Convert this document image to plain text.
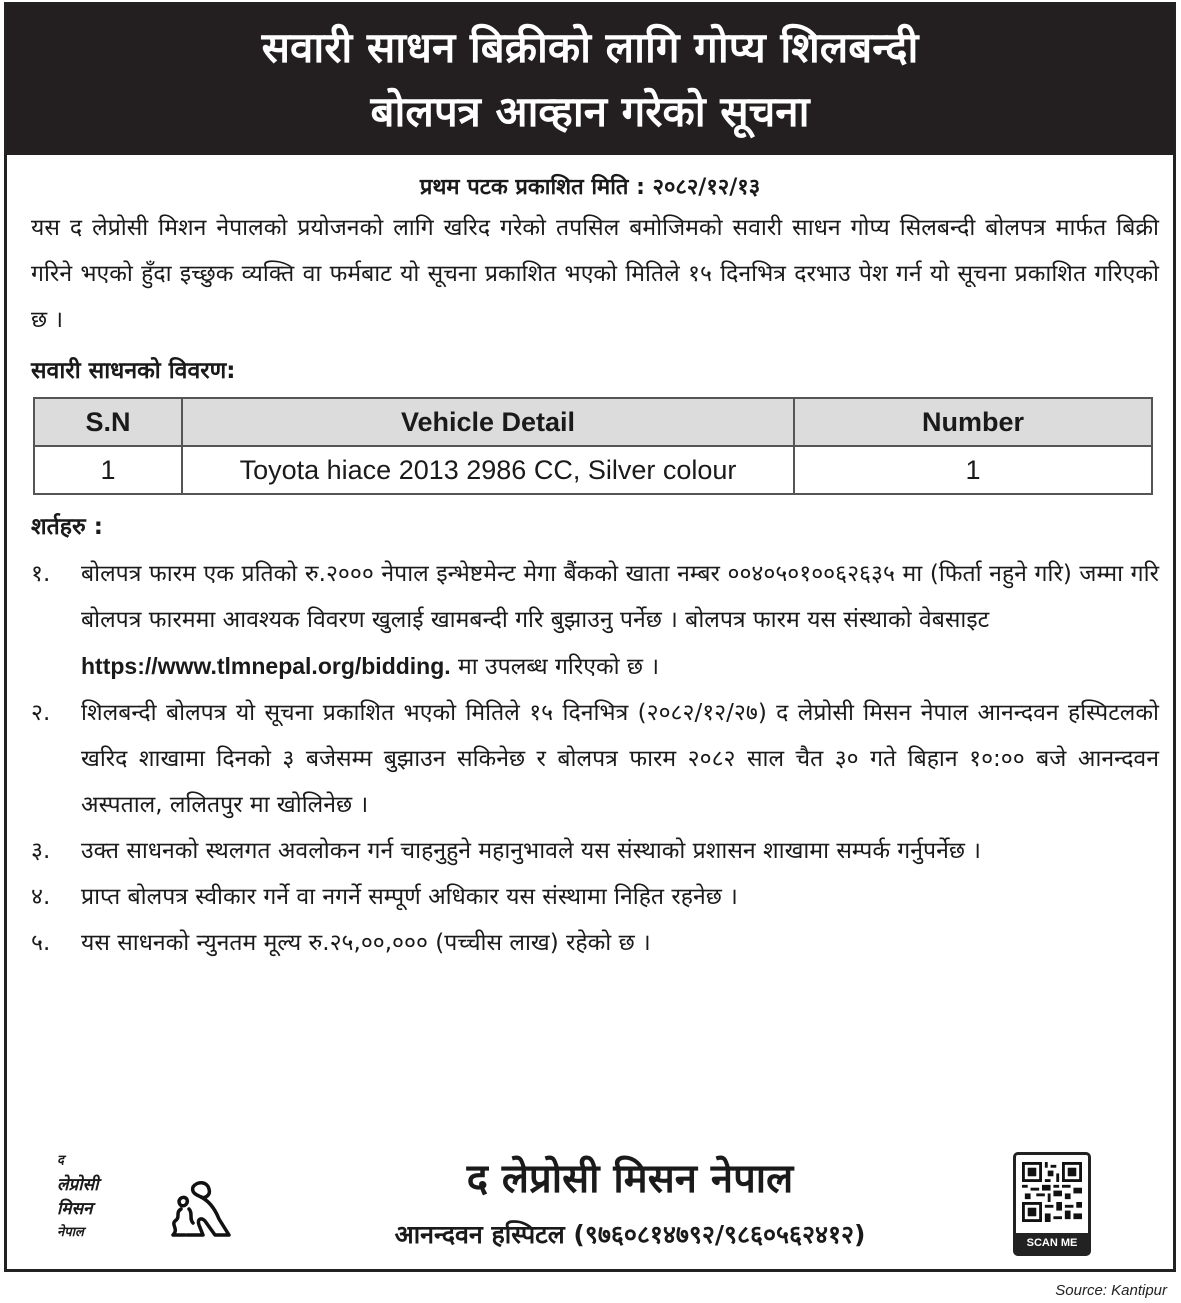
सवारी साधन बिक्रीको लागि गोप्य शिलबन्दी
बोलपत्र आव्हान गरेको सूचना
प्रथम पटक प्रकाशित मिति : २०८२/१२/१३

यस द लेप्रोसी मिशन नेपालको प्रयोजनको लागि खरिद गरेको तपसिल बमोजिमको सवारी साधन गोप्य सिलबन्दी बोलपत्र मार्फत बिक्री गरिने भएको हुँदा इच्छुक व्यक्ति वा फर्मबाट यो सूचना प्रकाशित भएको मितिले १५ दिनभित्र दरभाउ पेश गर्न यो सूचना प्रकाशित गरिएको छ ।

सवारी साधनको विवरण:
S.N	Vehicle Detail	Number
1	Toyota hiace 2013 2986 CC, Silver colour	1
शर्तहरु :
१.	बोलपत्र फारम एक प्रतिको रु.२००० नेपाल इन्भेष्टमेन्ट मेगा बैंकको खाता नम्बर ००४०५०१००६२६३५ मा (फिर्ता नहुने गरि) जम्मा गरि बोलपत्र फारममा आवश्यक विवरण खुलाई खामबन्दी गरि बुझाउनु पर्नेछ । बोलपत्र फारम यस संस्थाको वेबसाइट
https://www.tlmnepal.org/bidding. मा उपलब्ध गरिएको छ ।
२.	शिलबन्दी बोलपत्र यो सूचना प्रकाशित भएको मितिले १५ दिनभित्र (२०८२/१२/२७) द लेप्रोसी मिसन नेपाल आनन्दवन हस्पिटलको खरिद शाखामा दिनको ३ बजेसम्म बुझाउन सकिनेछ र बोलपत्र फारम २०८२ साल चैत ३० गते बिहान १०:०० बजे आनन्दवन अस्पताल, ललितपुर मा खोलिनेछ ।
३.	उक्त साधनको स्थलगत अवलोकन गर्न चाहनुहुने महानुभावले यस संस्थाको प्रशासन शाखामा सम्पर्क गर्नुपर्नेछ ।
४.	प्राप्त बोलपत्र स्वीकार गर्ने वा नगर्ने सम्पूर्ण अधिकार यस संस्थामा निहित रहनेछ ।
५.	यस साधनको न्युनतम मूल्य रु.२५,००,००० (पच्चीस लाख) रहेको छ ।
द
लेप्रोसी
मिसन
नेपाल
द लेप्रोसी मिसन नेपाल
आनन्दवन हस्पिटल (९७६०८१४७९२/९८६०५६२४१२)	SCAN ME
Source: Kantipur
